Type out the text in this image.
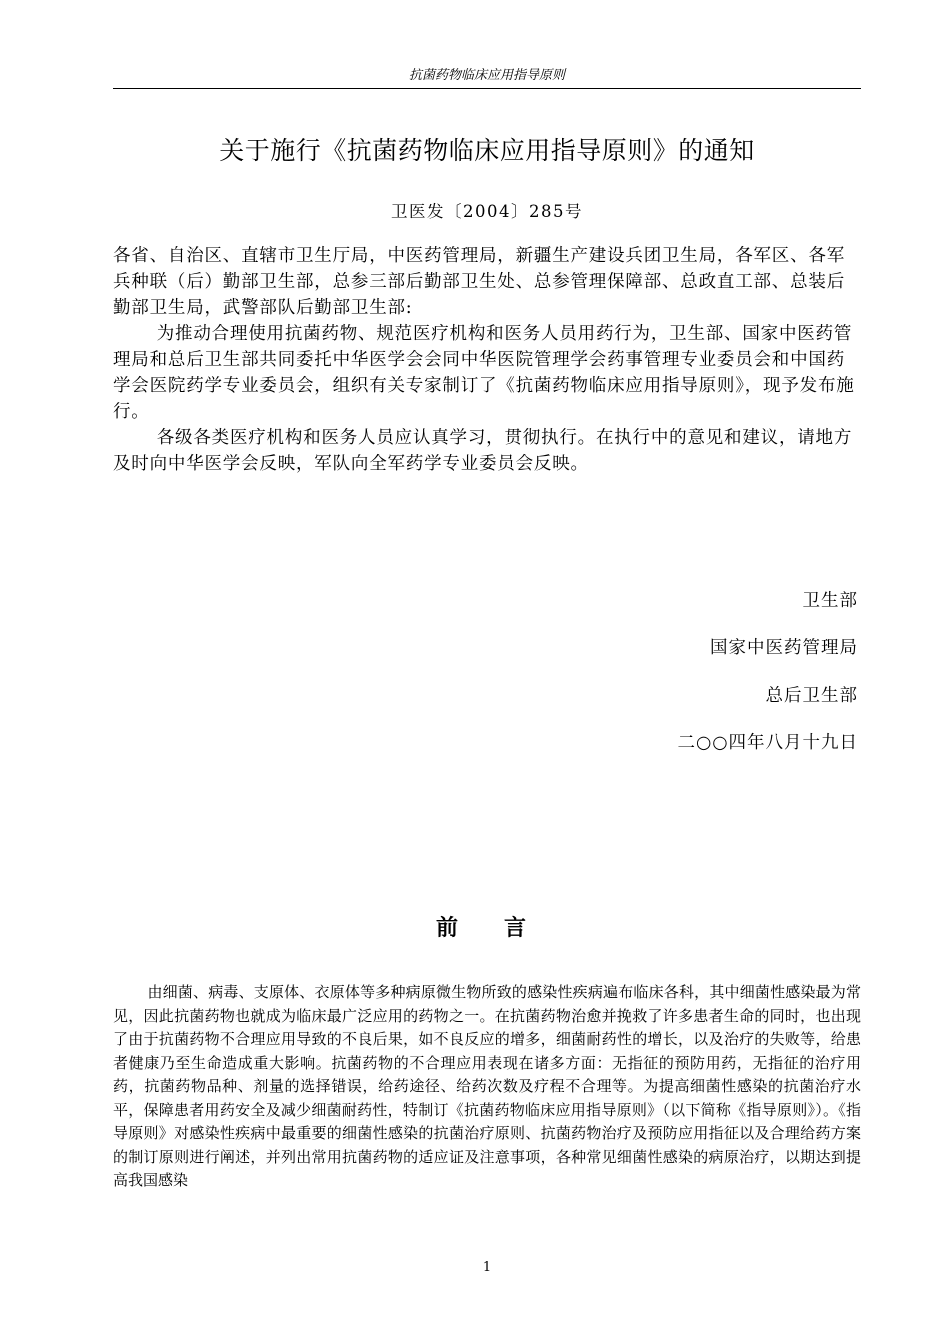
抗菌药物临床应用指导原则
关于施行《抗菌药物临床应用指导原则》的通知
卫医发〔2004〕285号

各省、自治区、直辖市卫生厅局，中医药管理局，新疆生产建设兵团卫生局，各军区、各军兵种联（后）勤部卫生部，总参三部后勤部卫生处、总参管理保障部、总政直工部、总装后勤部卫生局，武警部队后勤部卫生部:

为推动合理使用抗菌药物、规范医疗机构和医务人员用药行为，卫生部、国家中医药管理局和总后卫生部共同委托中华医学会会同中华医院管理学会药事管理专业委员会和中国药学会医院药学专业委员会，组织有关专家制订了《抗菌药物临床应用指导原则》，现予发布施行。

各级各类医疗机构和医务人员应认真学习，贯彻执行。在执行中的意见和建议，请地方及时向中华医学会反映，军队向全军药学专业委员会反映。

卫生部
国家中医药管理局
总后卫生部
二○○四年八月十九日
前　言

由细菌、病毒、支原体、衣原体等多种病原微生物所致的感染性疾病遍布临床各科，其中细菌性感染最为常见，因此抗菌药物也就成为临床最广泛应用的药物之一。在抗菌药物治愈并挽救了许多患者生命的同时，也出现了由于抗菌药物不合理应用导致的不良后果，如不良反应的增多，细菌耐药性的增长，以及治疗的失败等，给患者健康乃至生命造成重大影响。抗菌药物的不合理应用表现在诸多方面：无指征的预防用药，无指征的治疗用药，抗菌药物品种、剂量的选择错误，给药途径、给药次数及疗程不合理等。为提高细菌性感染的抗菌治疗水平，保障患者用药安全及减少细菌耐药性，特制订《抗菌药物临床应用指导原则》（以下简称《指导原则》）。《指导原则》对感染性疾病中最重要的细菌性感染的抗菌治疗原则、抗菌药物治疗及预防应用指征以及合理给药方案的制订原则进行阐述，并列出常用抗菌药物的适应证及注意事项，各种常见细菌性感染的病原治疗，以期达到提高我国感染

1
